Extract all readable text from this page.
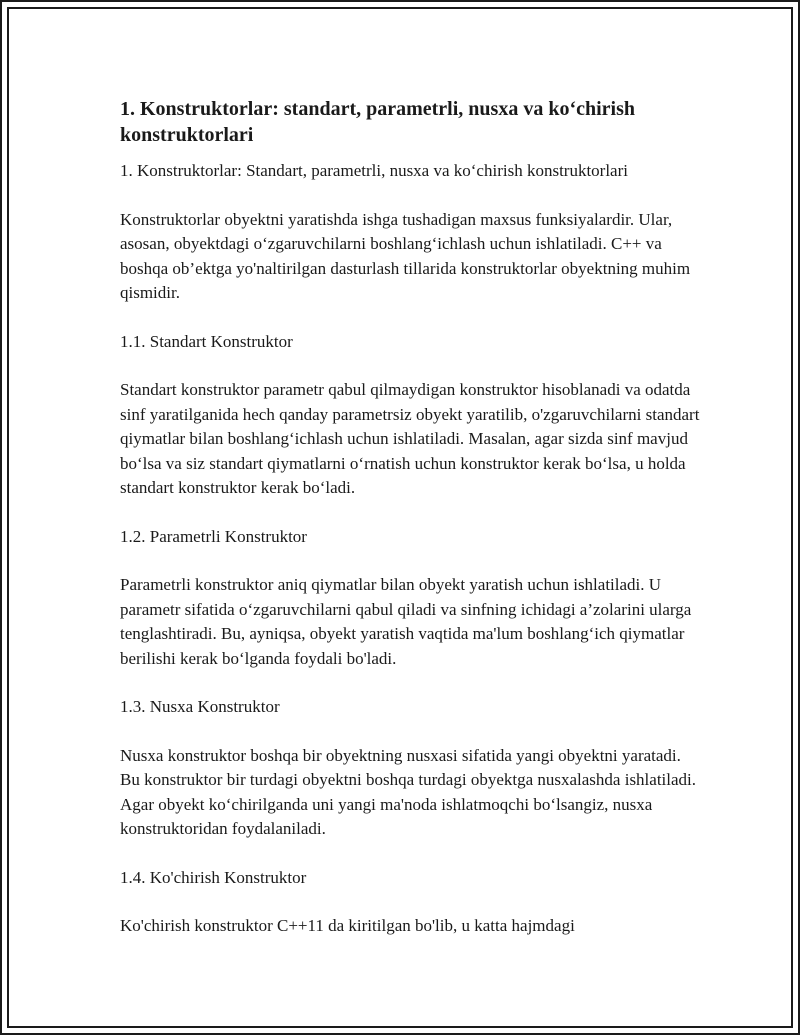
1. Konstruktorlar: standart, parametrli, nusxa va ko‘chirish konstruktorlari

1. Konstruktorlar: Standart, parametrli, nusxa va ko‘chirish konstruktorlari

Konstruktorlar obyektni yaratishda ishga tushadigan maxsus funksiyalardir. Ular, asosan, obyektdagi o‘zgaruvchilarni boshlang‘ichlash uchun ishlatiladi. C++ va boshqa ob’ektga yo'naltirilgan dasturlash tillarida konstruktorlar obyektning muhim qismidir.

1.1. Standart Konstruktor

Standart konstruktor parametr qabul qilmaydigan konstruktor hisoblanadi va odatda sinf yaratilganida hech qanday parametrsiz obyekt yaratilib, o'zgaruvchilarni standart qiymatlar bilan boshlang‘ichlash uchun ishlatiladi. Masalan, agar sizda sinf mavjud bo‘lsa va siz standart qiymatlarni o‘rnatish uchun konstruktor kerak bo‘lsa, u holda standart konstruktor kerak bo‘ladi.

1.2. Parametrli Konstruktor

Parametrli konstruktor aniq qiymatlar bilan obyekt yaratish uchun ishlatiladi. U parametr sifatida o‘zgaruvchilarni qabul qiladi va sinfning ichidagi a’zolarini ularga tenglashtiradi. Bu, ayniqsa, obyekt yaratish vaqtida ma'lum boshlang‘ich qiymatlar berilishi kerak bo‘lganda foydali bo'ladi.

1.3. Nusxa Konstruktor

Nusxa konstruktor boshqa bir obyektning nusxasi sifatida yangi obyektni yaratadi. Bu konstruktor bir turdagi obyektni boshqa turdagi obyektga nusxalashda ishlatiladi. Agar obyekt ko‘chirilganda uni yangi ma'noda ishlatmoqchi bo‘lsangiz, nusxa konstruktoridan foydalaniladi.

1.4. Ko'chirish Konstruktor

Ko'chirish konstruktor C++11 da kiritilgan bo'lib, u katta hajmdagi
